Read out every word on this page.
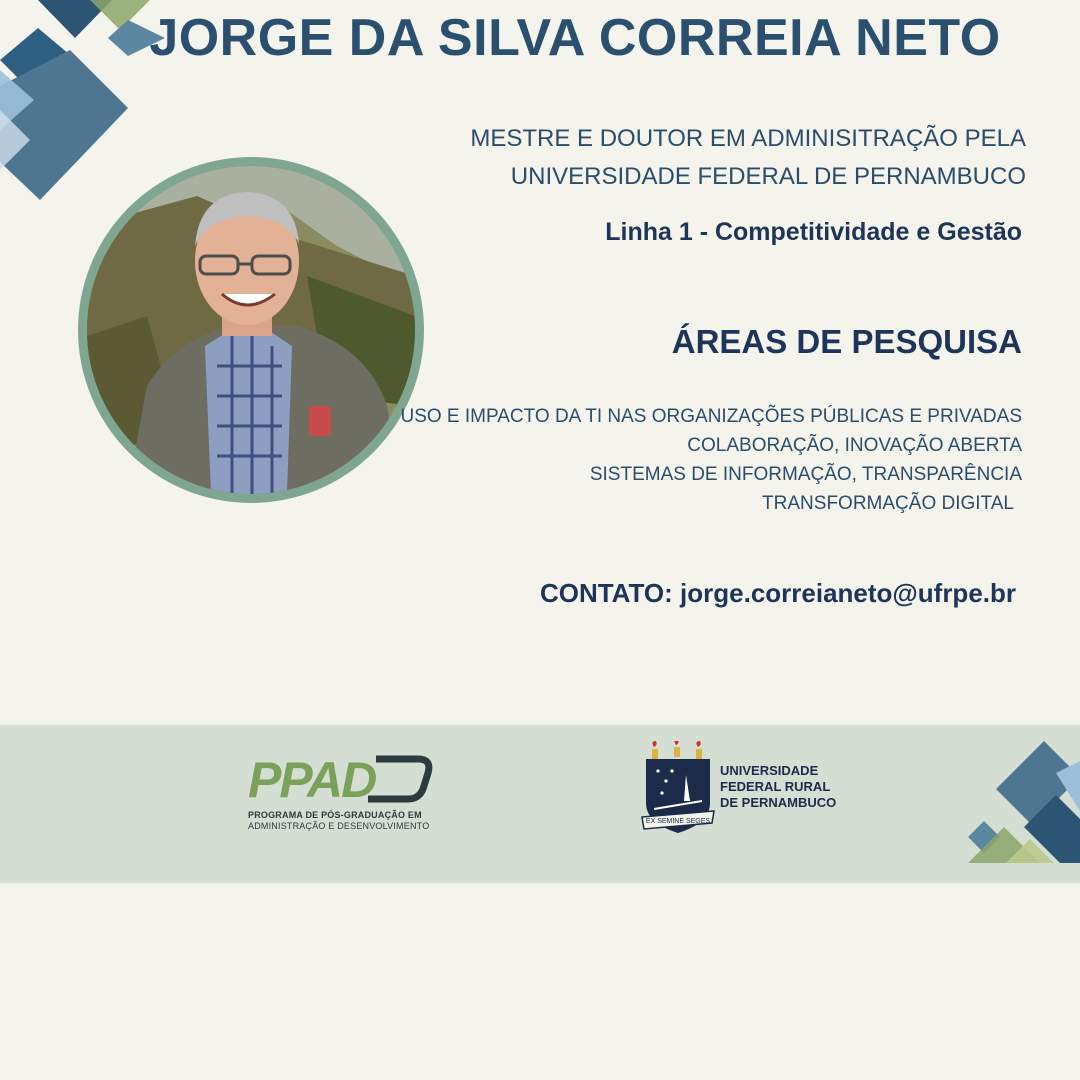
JORGE DA SILVA CORREIA NETO
MESTRE E DOUTOR EM ADMINISITRAÇÃO PELA
UNIVERSIDADE FEDERAL DE PERNAMBUCO
Linha 1 - Competitividade e Gestão
ÁREAS DE PESQUISA
USO E IMPACTO DA TI NAS ORGANIZAÇÕES PÚBLICAS E PRIVADAS
COLABORAÇÃO, INOVAÇÃO ABERTA
SISTEMAS DE INFORMAÇÃO, TRANSPARÊNCIA
TRANSFORMAÇÃO DIGITAL
CONTATO: jorge.correianeto@ufrpe.br
PPAD
PROGRAMA DE PÓS-GRADUAÇÃO EM
ADMINISTRAÇÃO E DESENVOLVIMENTO	EX SEMINE SEGES
UNIVERSIDADE
FEDERAL RURAL
DE PERNAMBUCO
